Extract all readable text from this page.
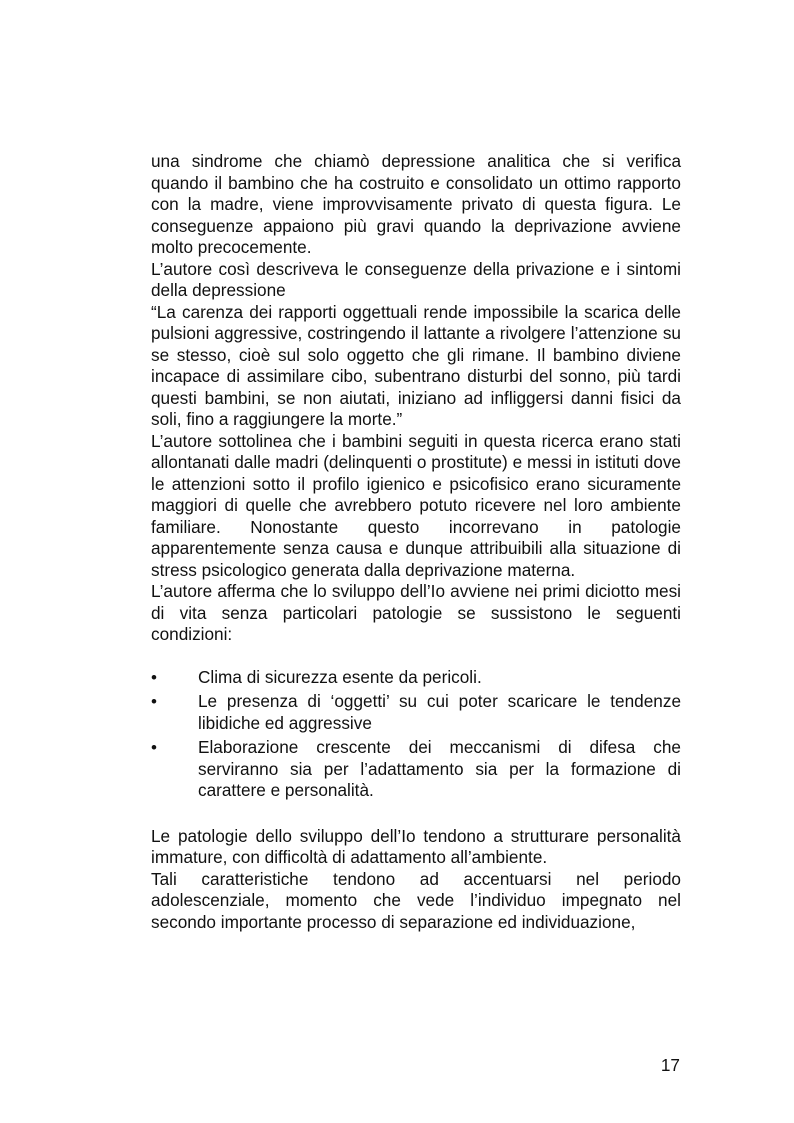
una sindrome che chiamò depressione analitica che si verifica quando il bambino che ha costruito e consolidato un ottimo rapporto con la madre, viene improvvisamente privato di questa figura. Le conseguenze appaiono più gravi quando la deprivazione avviene molto precocemente.

L’autore così descriveva le conseguenze della privazione e i sintomi della depressione

“La carenza dei rapporti oggettuali rende impossibile la scarica delle pulsioni aggressive, costringendo il lattante a rivolgere l’attenzione su se stesso, cioè sul solo oggetto che gli rimane. Il bambino diviene incapace di assimilare cibo, subentrano disturbi del sonno, più tardi questi bambini, se non aiutati, iniziano ad infliggersi danni fisici da soli, fino a raggiungere la morte.”

L’autore sottolinea che i bambini seguiti in questa ricerca erano stati allontanati dalle madri (delinquenti o prostitute) e messi in istituti dove le attenzioni sotto il profilo igienico e psicofisico erano sicuramente maggiori di quelle che avrebbero potuto ricevere nel loro ambiente familiare. Nonostante questo incorrevano in patologie apparentemente senza causa e dunque attribuibili alla situazione di stress psicologico generata dalla deprivazione materna.

L’autore afferma che lo sviluppo dell’Io avviene nei primi diciotto mesi di vita senza particolari patologie se sussistono le seguenti condizioni:

• Clima di sicurezza esente da pericoli.
• Le presenza di ‘oggetti’ su cui poter scaricare le tendenze libidiche ed aggressive
• Elaborazione crescente dei meccanismi di difesa che serviranno sia per l’adattamento sia per la formazione di carattere e personalità.

Le patologie dello sviluppo dell’Io tendono a strutturare personalità immature, con difficoltà di adattamento all’ambiente.

Tali caratteristiche tendono ad accentuarsi nel periodo adolescenziale, momento che vede l’individuo impegnato nel secondo importante processo di separazione ed individuazione,

17
